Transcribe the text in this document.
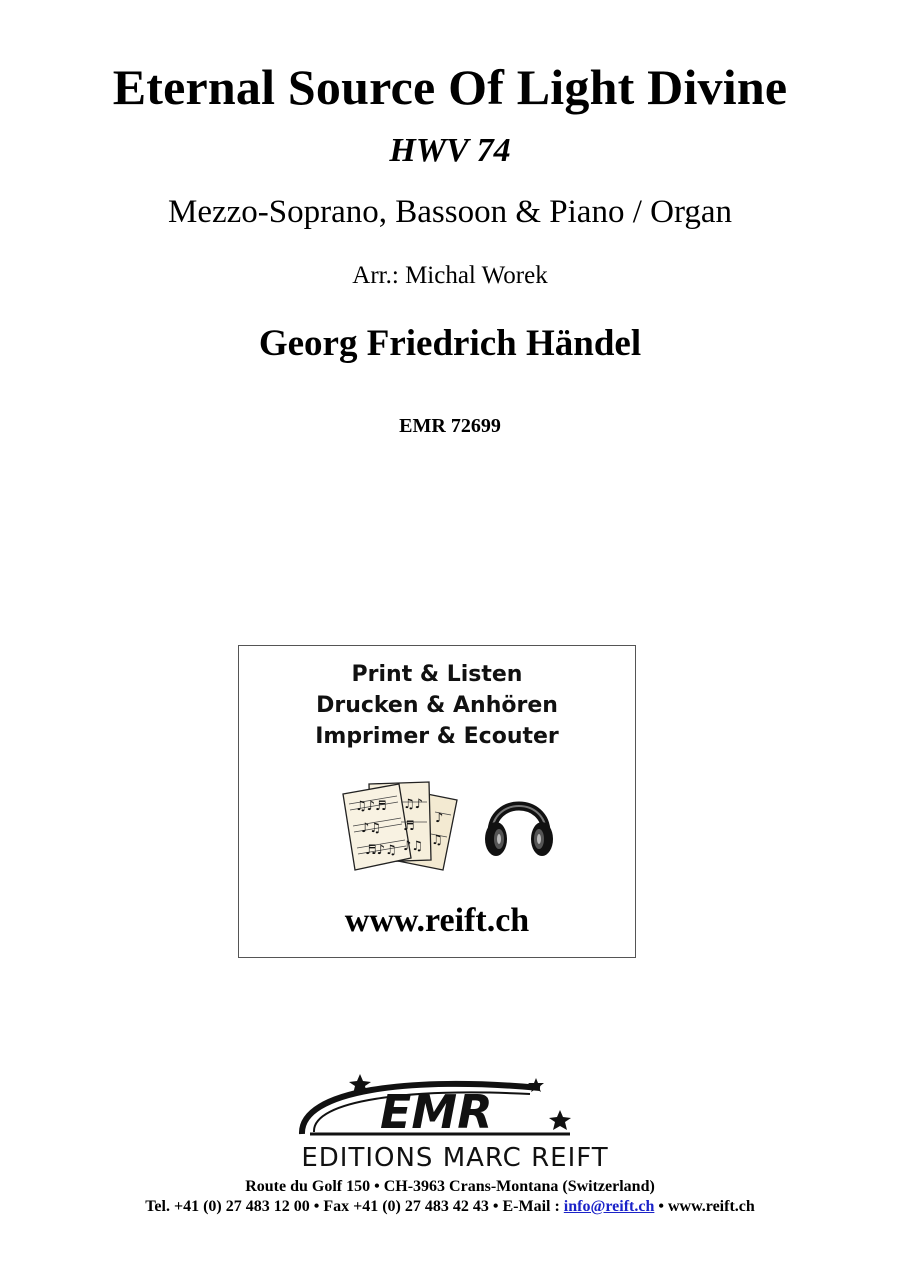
Eternal Source Of Light Divine
HWV 74
Mezzo-Soprano, Bassoon & Piano / Organ
Arr.: Michal Worek
Georg Friedrich Händel
EMR 72699
Print & Listen
Drucken & Anhören
Imprimer & Ecouter
♫♪♬
♪♫
♬♪♫
♫♪
♬
♪♫
♪
♫
www.reift.ch
EMR
EDITIONS MARC REIFT
Route du Golf 150 • CH-3963 Crans-Montana (Switzerland)
Tel. +41 (0) 27 483 12 00 • Fax +41 (0) 27 483 42 43 • E-Mail : info@reift.ch • www.reift.ch
